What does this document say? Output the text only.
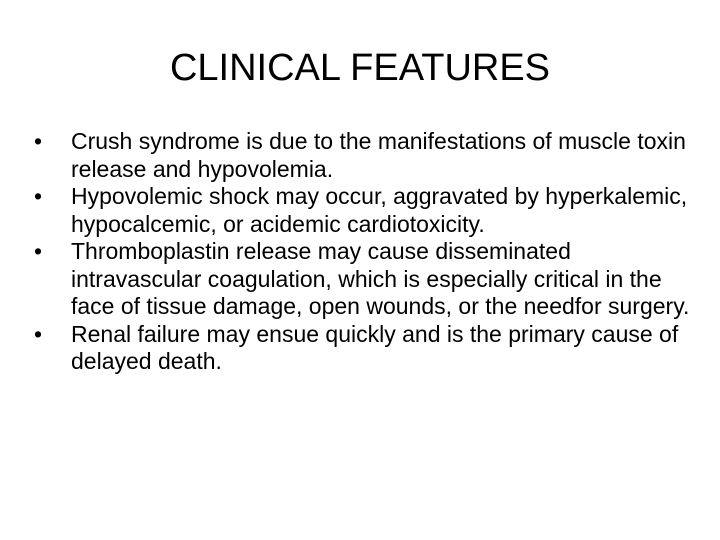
CLINICAL FEATURES
•	Crush syndrome is due to the manifestations of muscle toxin release and hypovolemia.
•	Hypovolemic shock may occur, aggravated by hyperkalemic, hypocalcemic, or acidemic cardiotoxicity.
•	Thromboplastin release may cause disseminated intravascular coagulation, which is especially critical in the face of tissue damage, open wounds, or the needfor surgery.
•	Renal failure may ensue quickly and is the primary cause of delayed death.
